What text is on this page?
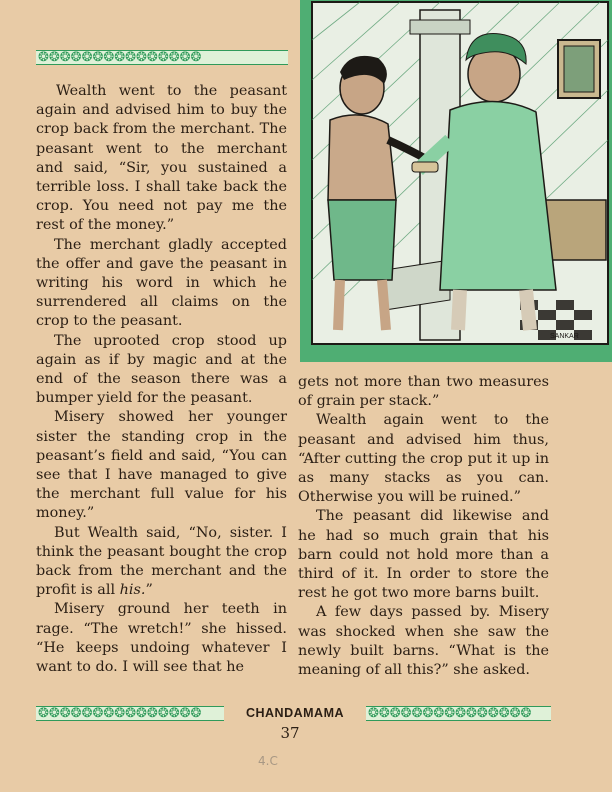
❂❂❂❂❂❂❂❂❂❂❂❂❂❂❂

Wealth went to the peasant again and advised him to buy the crop back from the merchant. The peasant went to the merchant and said, “Sir, you sustained a terrible loss. I shall take back the crop. You need not pay me the rest of the money.”

The merchant gladly accepted the offer and gave the peasant in writing his word in which he surrendered all claims on the crop to the peasant.

The uprooted crop stood up again as if by magic and at the end of the season there was a bumper yield for the peasant.

Misery showed her younger sister the standing crop in the peasant’s field and said, “You can see that I have managed to give the merchant full value for his money.”

But Wealth said, “No, sister. I think the peasant bought the crop back from the merchant and the profit is all his.”

Misery ground her teeth in rage. “The wretch!” she hissed. “He keeps undoing whatever I want to do. I will see that he

SANKAR

gets not more than two measures of grain per stack.”

Wealth again went to the peasant and advised him thus, “After cutting the crop put it up in as many stacks as you can. Otherwise you will be ruined.”

The peasant did likewise and he had so much grain that his barn could not hold more than a third of it. In order to store the rest he got two more barns built.

A few days passed by. Misery was shocked when she saw the newly built barns. “What is the meaning of all this?” she asked.

❂❂❂❂❂❂❂❂❂❂❂❂❂❂❂	CHANDAMAMA	❂❂❂❂❂❂❂❂❂❂❂❂❂❂❂
37
4.C
